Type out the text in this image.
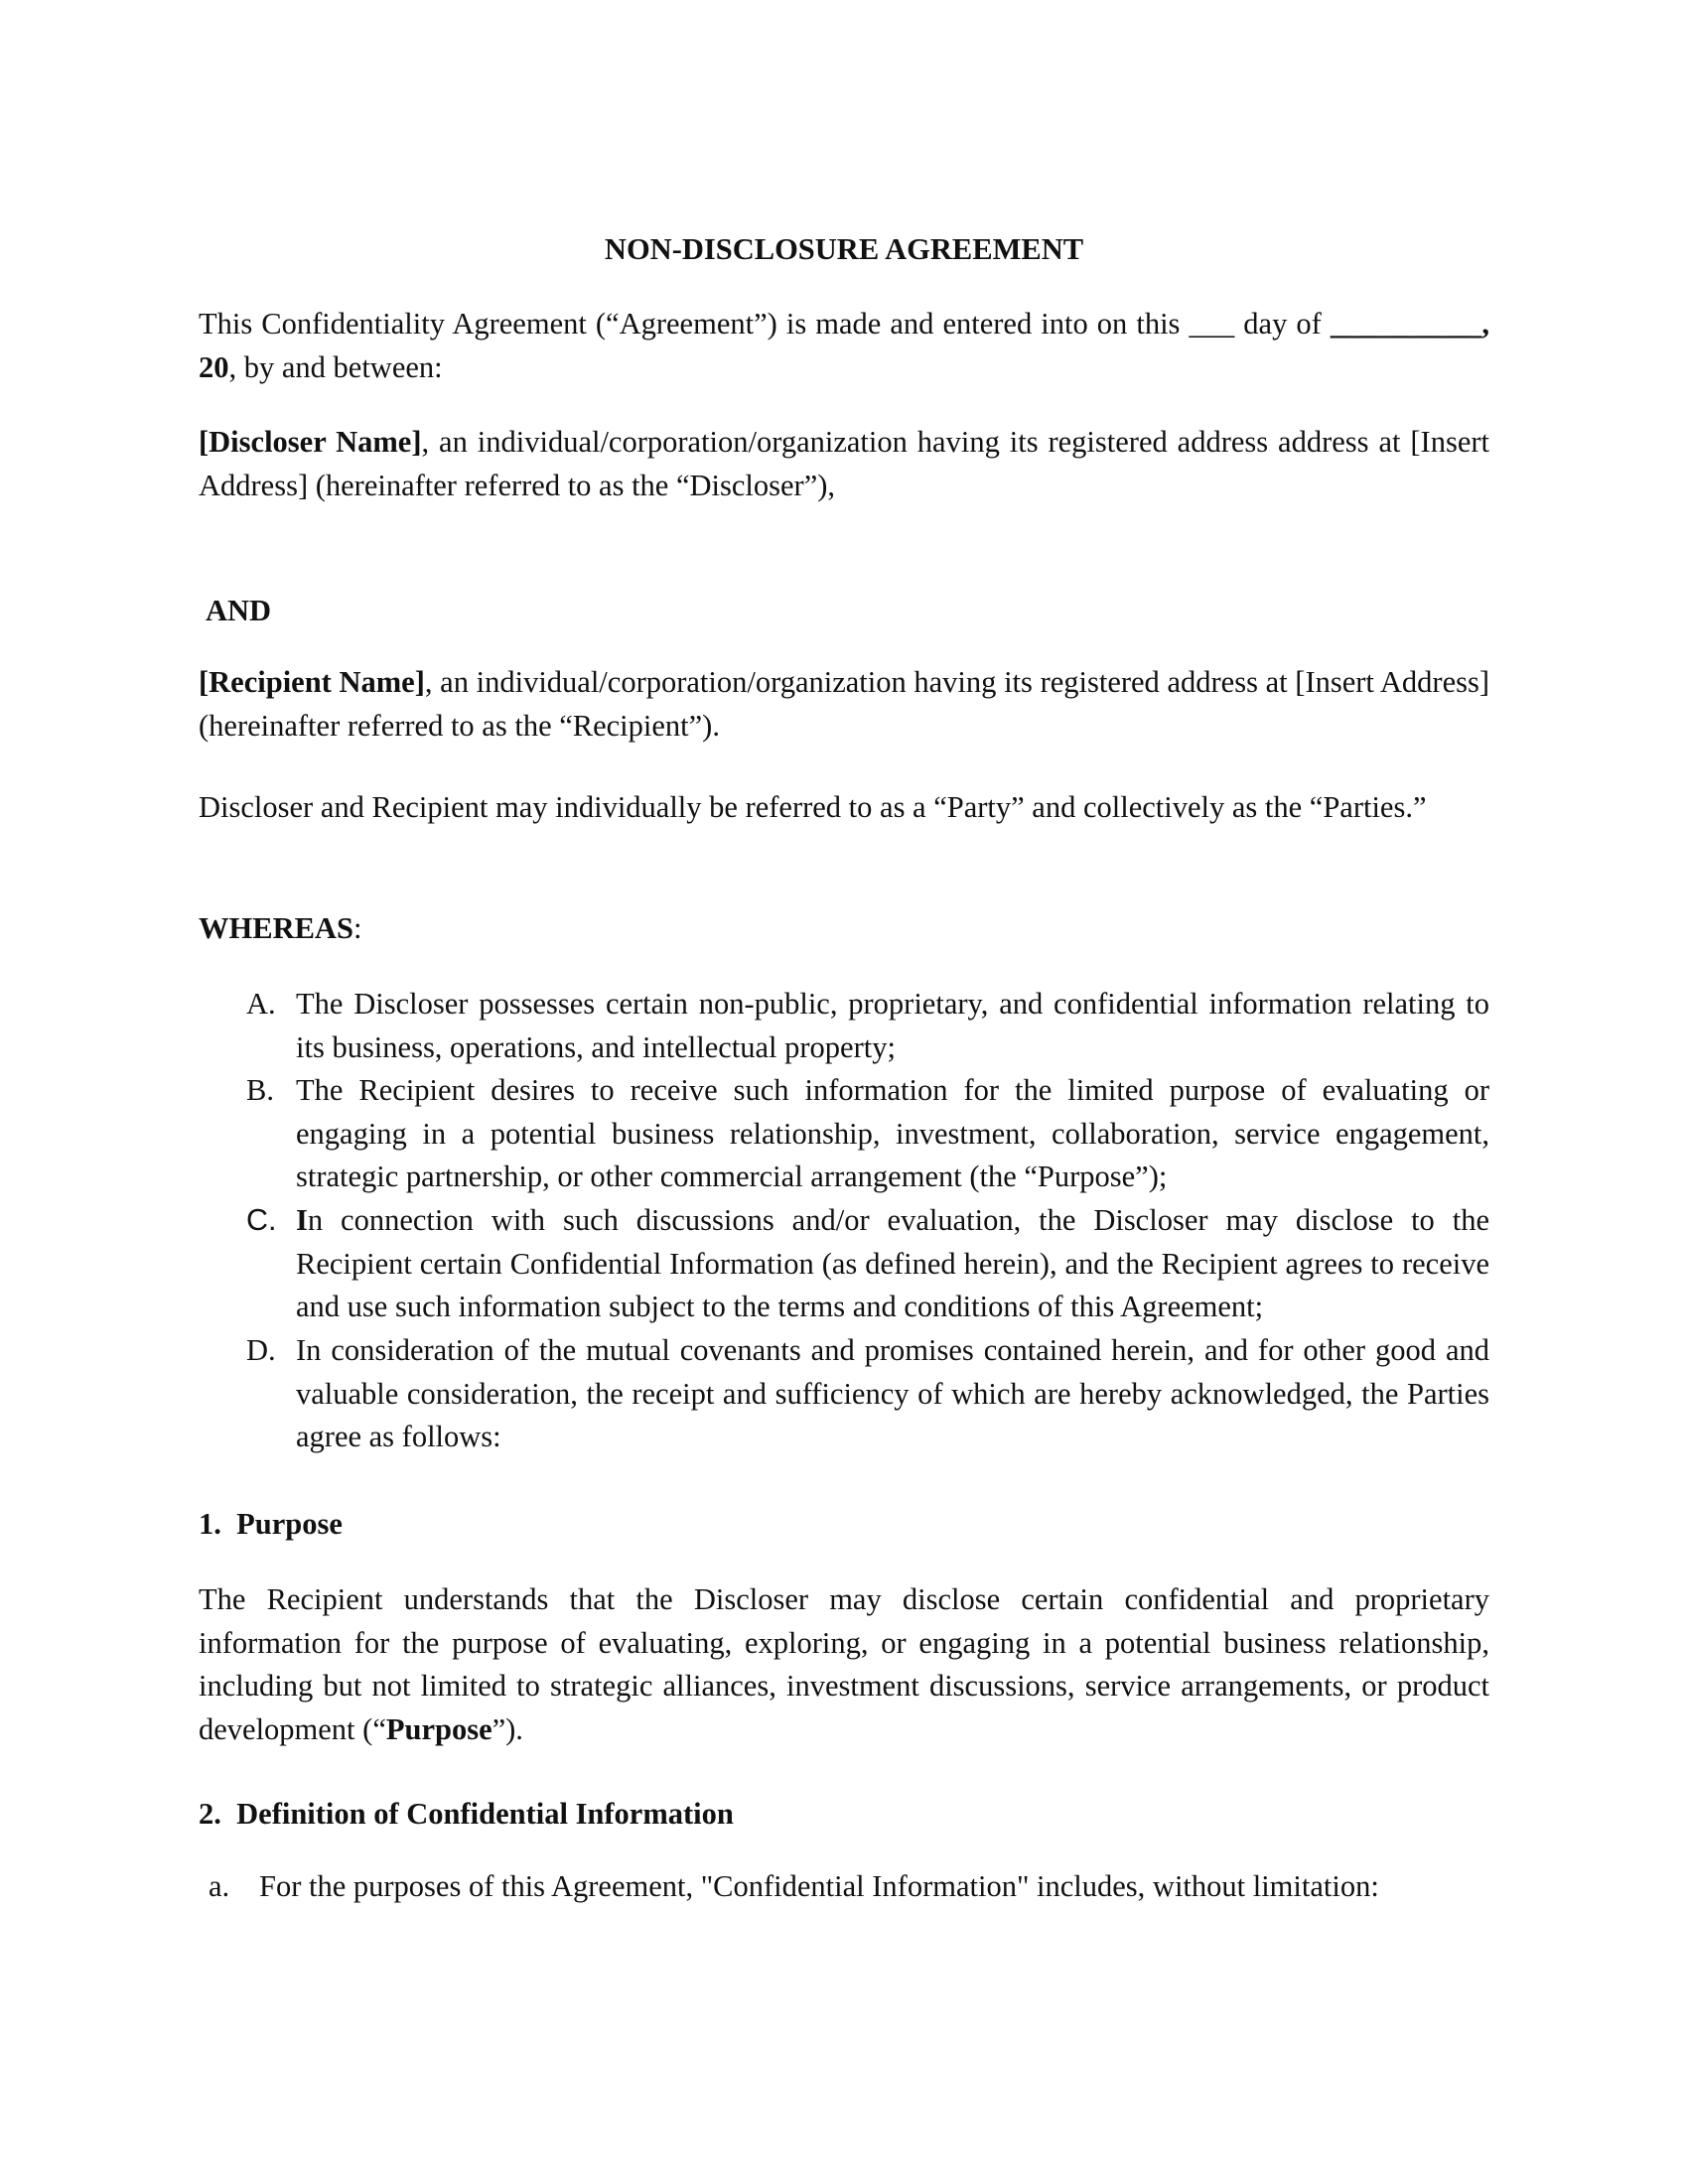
NON-DISCLOSURE AGREEMENT

This Confidentiality Agreement (“Agreement”) is made and entered into on this ___ day of __________, 20, by and between:

[Discloser Name], an individual/corporation/organization having its registered address address at [Insert Address] (hereinafter referred to as the “Discloser”),

AND

[Recipient Name], an individual/corporation/organization having its registered address at [Insert Address] (hereinafter referred to as the “Recipient”).

Discloser and Recipient may individually be referred to as a “Party” and collectively as the “Parties.”

WHEREAS:

A. The Discloser possesses certain non-public, proprietary, and confidential information relating to its business, operations, and intellectual property;
B. The Recipient desires to receive such information for the limited purpose of evaluating or engaging in a potential business relationship, investment, collaboration, service engagement, strategic partnership, or other commercial arrangement (the “Purpose”);
C. In connection with such discussions and/or evaluation, the Discloser may disclose to the Recipient certain Confidential Information (as defined herein), and the Recipient agrees to receive and use such information subject to the terms and conditions of this Agreement;
D. In consideration of the mutual covenants and promises contained herein, and for other good and valuable consideration, the receipt and sufficiency of which are hereby acknowledged, the Parties agree as follows:

1.  Purpose

The Recipient understands that the Discloser may disclose certain confidential and proprietary information for the purpose of evaluating, exploring, or engaging in a potential business relationship, including but not limited to strategic alliances, investment discussions, service arrangements, or product development (“Purpose”).

2.  Definition of Confidential Information

a. For the purposes of this Agreement, "Confidential Information" includes, without limitation:
